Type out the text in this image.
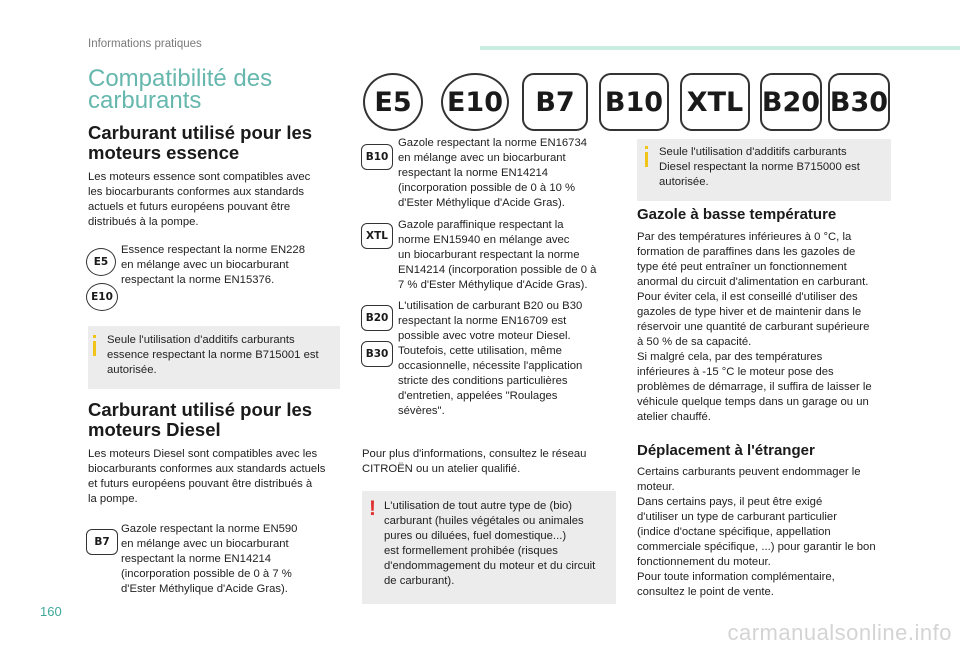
Informations pratiques
Compatibilité des
carburants	E5	E10	B7	B10 XTL B20 B30
Carburant utilisé pour les
moteurs essence
Les moteurs essence sont compatibles avec
les biocarburants conformes aux standards
actuels et futurs européens pouvant être
distribués à la pompe.
E5
E10
Essence respectant la norme EN228
en mélange avec un biocarburant
respectant la norme EN15376.
Seule l'utilisation d'additifs carburants
essence respectant la norme B715001 est
autorisée.
Carburant utilisé pour les
moteurs Diesel
Les moteurs Diesel sont compatibles avec les
biocarburants conformes aux standards actuels
et futurs européens pouvant être distribués à
la pompe.
B7
Gazole respectant la norme EN590
en mélange avec un biocarburant
respectant la norme EN14214
(incorporation possible de 0 à 7 %
d'Ester Méthylique d'Acide Gras).
B10
Gazole respectant la norme EN16734
en mélange avec un biocarburant
respectant la norme EN14214
(incorporation possible de 0 à 10 %
d'Ester Méthylique d'Acide Gras).
XTL
Gazole paraffinique respectant la
norme EN15940 en mélange avec
un biocarburant respectant la norme
EN14214 (incorporation possible de 0 à
7 % d'Ester Méthylique d'Acide Gras).
B20
B30
L'utilisation de carburant B20 ou B30
respectant la norme EN16709 est
possible avec votre moteur Diesel.
Toutefois, cette utilisation, même
occasionnelle, nécessite l'application
stricte des conditions particulières
d'entretien, appelées "Roulages
sévères".
Pour plus d'informations, consultez le réseau
CITROËN ou un atelier qualifié.
! L'utilisation de tout autre type de (bio)
carburant (huiles végétales ou animales
pures ou diluées, fuel domestique...)
est formellement prohibée (risques
d'endommagement du moteur et du circuit
de carburant).
Seule l'utilisation d'additifs carburants
Diesel respectant la norme B715000 est
autorisée.
Gazole à basse température
Par des températures inférieures à 0 °C, la
formation de paraffines dans les gazoles de
type été peut entraîner un fonctionnement
anormal du circuit d'alimentation en carburant.
Pour éviter cela, il est conseillé d'utiliser des
gazoles de type hiver et de maintenir dans le
réservoir une quantité de carburant supérieure
à 50 % de sa capacité.
Si malgré cela, par des températures
inférieures à -15 °C le moteur pose des
problèmes de démarrage, il suffira de laisser le
véhicule quelque temps dans un garage ou un
atelier chauffé.
Déplacement à l'étranger
Certains carburants peuvent endommager le
moteur.
Dans certains pays, il peut être exigé
d'utiliser un type de carburant particulier
(indice d'octane spécifique, appellation
commerciale spécifique, ...) pour garantir le bon
fonctionnement du moteur.
Pour toute information complémentaire,
consultez le point de vente.
160
carmanualsonline.info
